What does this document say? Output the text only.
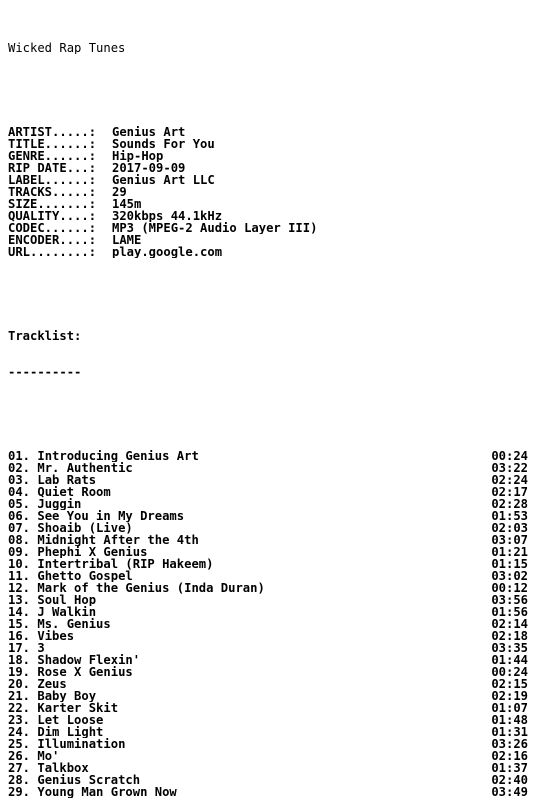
Wicked Rap Tunes

ARTIST.....:	Genius Art
TITLE......:	Sounds For You
GENRE......:	Hip-Hop
RIP DATE...:	2017-09-09
LABEL......:	Genius Art LLC
TRACKS.....:	29
SIZE.......:	145m
QUALITY....:	320kbps 44.1kHz
CODEC......:	MP3 (MPEG-2 Audio Layer III)
ENCODER....:	LAME
URL........:	play.google.com

Tracklist:

----------

01. Introducing Genius Art	00:24
02. Mr. Authentic	03:22
03. Lab Rats	02:24
04. Quiet Room	02:17
05. Juggin	02:28
06. See You in My Dreams	01:53
07. Shoaib (Live)	02:03
08. Midnight After the 4th	03:07
09. Phephi X Genius	01:21
10. Intertribal (RIP Hakeem)	01:15
11. Ghetto Gospel	03:02
12. Mark of the Genius (Inda Duran)	00:12
13. Soul Hop	03:56
14. J Walkin	01:56
15. Ms. Genius	02:14
16. Vibes	02:18
17. 3	03:35
18. Shadow Flexin'	01:44
19. Rose X Genius	00:24
20. Zeus	02:15
21. Baby Boy	02:19
22. Karter Skit	01:07
23. Let Loose	01:48
24. Dim Light	01:31
25. Illumination	03:26
26. Mo'	02:16
27. Talkbox	01:37
28. Genius Scratch	02:40
29. Young Man Grown Now	03:49
